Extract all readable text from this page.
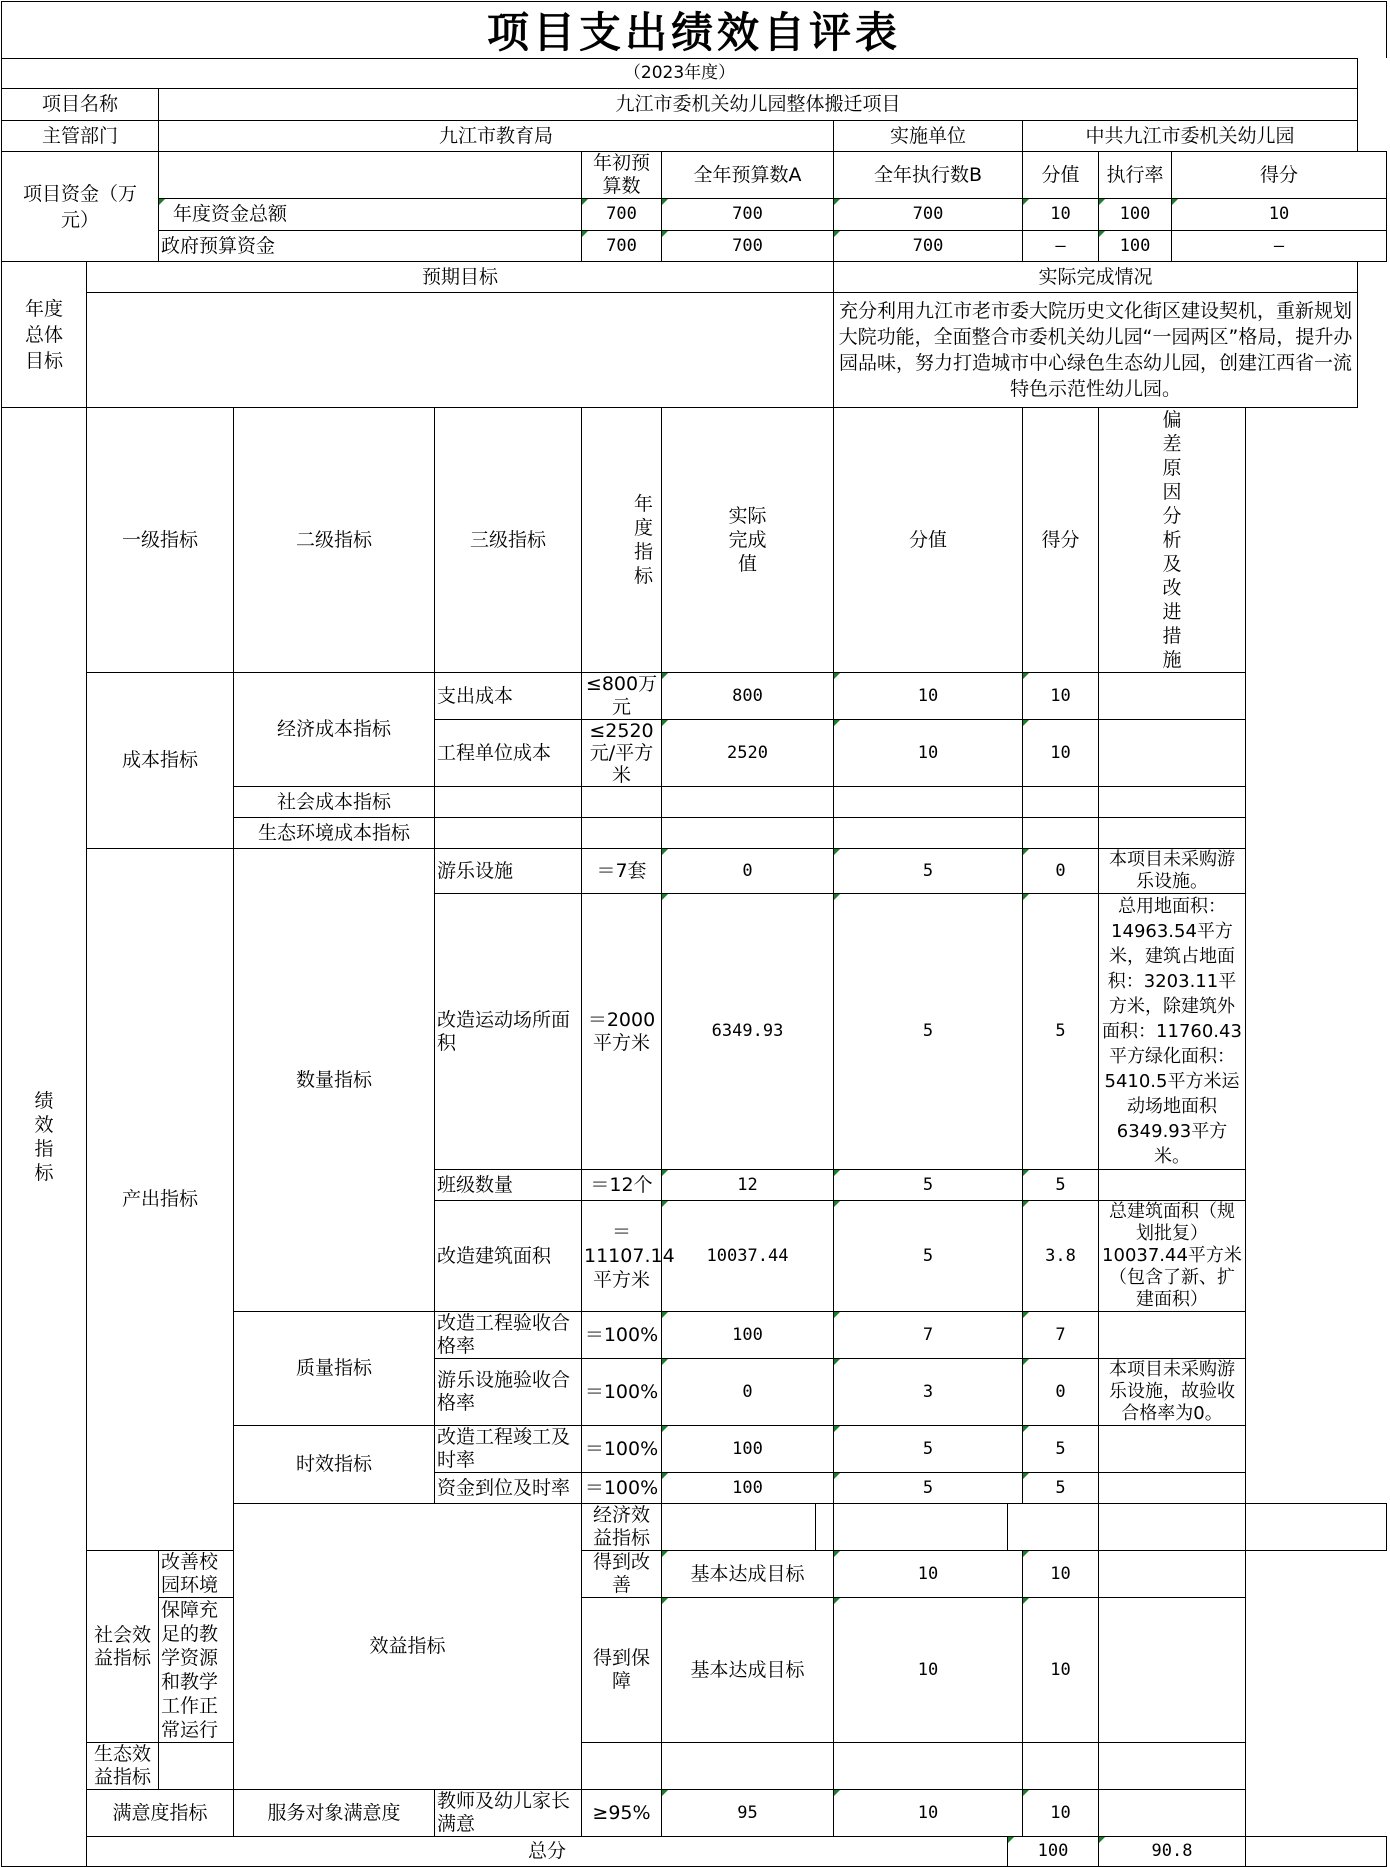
项目支出绩效自评表
（2023年度）													
项目名称		九江市委机关幼儿园整体搬迁项目											
主管部门		九江市教育局						实施单位		中共九江市委机关幼儿园			
项目资金（万元）					年初预算数	全年预算数A		全年执行数B		分值	执行率	得分	
		年度资金总额			700	700		700		10	100	10	
		政府预算资金			700	700		700		—	100	—	
年度总体目标	预期目标							实际完成情况					
								充分利用九江市老市委大院历史文化街区建设契机，重新规划大院功能，全面整合市委机关幼儿园“一园两区”格局，提升办园品味，努力打造城市中心绿色生态幼儿园，创建江西省一流特色示范性幼儿园。					
绩效指标	一级指标		二级指标	三级指标	年度指标	实际完成值		分值		得分	偏差原因分析及改进措施		
	成本指标		经济成本指标	支出成本	≤800万元	800		10		10			
				工程单位成本	≤2520元/平方米	2520		10		10			
			社会成本指标										
			生态环境成本指标										
	产出指标		数量指标	游乐设施	＝7套	0		5		0	本项目未采购游乐设施。		
				改造运动场所面积	＝2000平方米	6349.93		5		5	总用地面积：14963.54平方米，建筑占地面积：3203.11平方米，除建筑外面积：11760.43平方绿化面积：5410.5平方米运动场地面积6349.93平方米。		
				班级数量	＝12个	12		5		5			
				改造建筑面积	＝11107.14平方米	10037.44		5		3.8	总建筑面积（规划批复）10037.44平方米（包含了新、扩建面积）		
			质量指标	改造工程验收合格率	＝100%	100		7		7			
				游乐设施验收合格率	＝100%	0		3		0	本项目未采购游乐设施，故验收合格率为0。		
			时效指标	改造工程竣工及时率	＝100%	100		5		5			
				资金到位及时率	＝100%	100		5		5			
			效益指标		经济效益指标								
	社会效益指标	改善校园环境			得到改善	基本达成目标		10		10			
		保障充足的教学资源和教学工作正常运行			得到保障	基本达成目标		10		10			
	生态效益指标												
	满意度指标		服务对象满意度	教师及幼儿家长满意	≥95%	95		10		10			
	总分								100		90.8		
